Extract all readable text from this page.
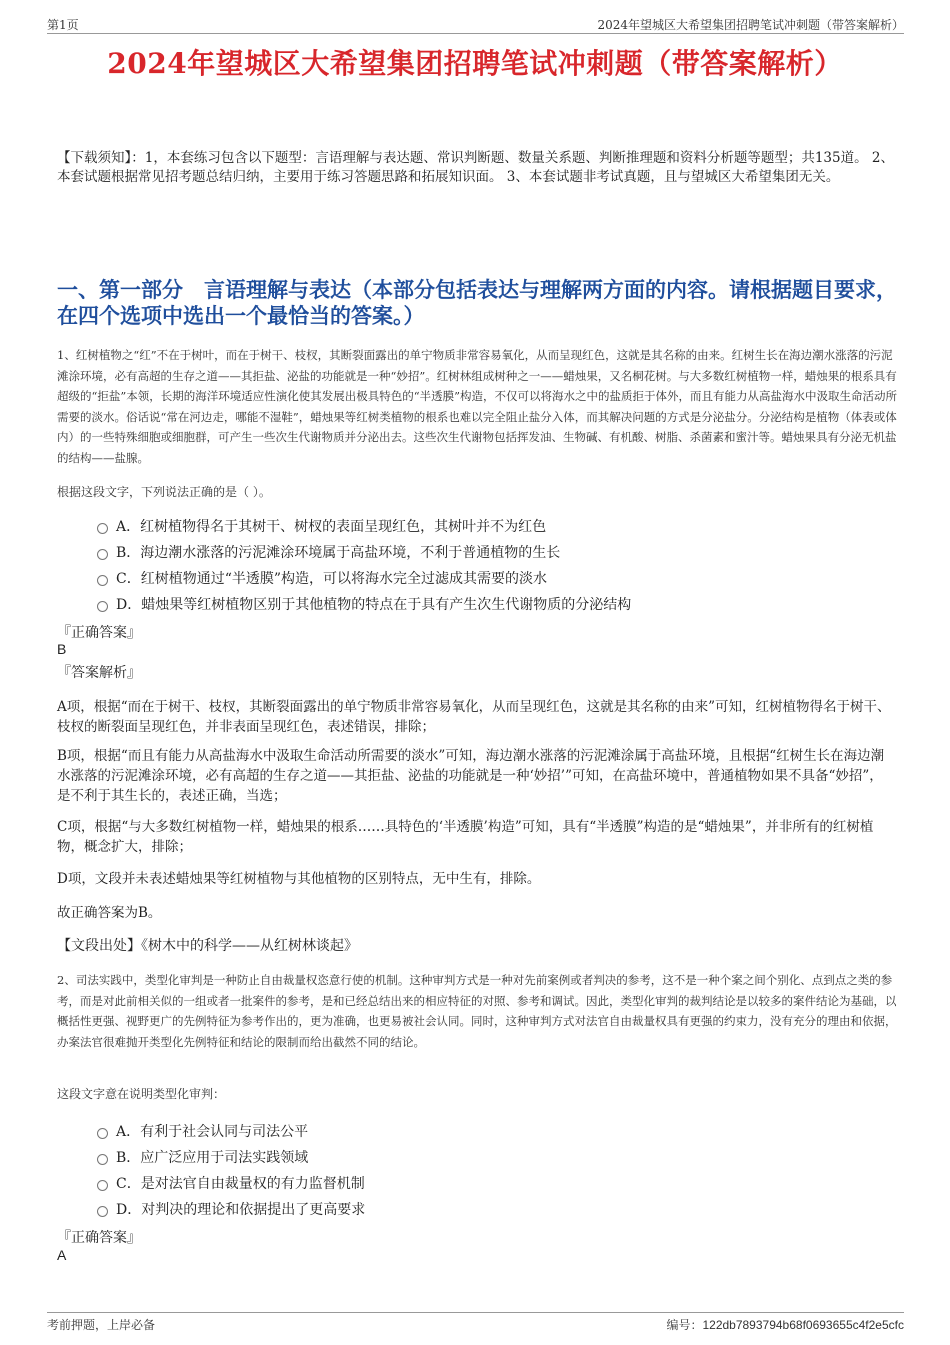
第1页	2024年望城区大希望集团招聘笔试冲刺题（带答案解析）
2024年望城区大希望集团招聘笔试冲刺题（带答案解析）

【下载须知】：1，本套练习包含以下题型：言语理解与表达题、常识判断题、数量关系题、判断推理题和资料分析题等题型；共135道。 2、本套试题根据常见招考题总结归纳，主要用于练习答题思路和拓展知识面。 3、本套试题非考试真题，且与望城区大希望集团无关。

一、第一部分　言语理解与表达（本部分包括表达与理解两方面的内容。请根据题目要求，在四个选项中选出一个最恰当的答案。）

1、红树植物之“红”不在于树叶，而在于树干、枝杈，其断裂面露出的单宁物质非常容易氧化，从而呈现红色，这就是其名称的由来。红树生长在海边潮水涨落的污泥滩涂环境，必有高超的生存之道——其拒盐、泌盐的功能就是一种“妙招”。红树林组成树种之一——蜡烛果，又名桐花树。与大多数红树植物一样，蜡烛果的根系具有超级的“拒盐”本领，长期的海洋环境适应性演化使其发展出极具特色的“半透膜”构造，不仅可以将海水之中的盐质拒于体外，而且有能力从高盐海水中汲取生命活动所需要的淡水。俗话说“常在河边走，哪能不湿鞋”，蜡烛果等红树类植物的根系也难以完全阻止盐分入体，而其解决问题的方式是分泌盐分。分泌结构是植物（体表或体内）的一些特殊细胞或细胞群，可产生一些次生代谢物质并分泌出去。这些次生代谢物包括挥发油、生物碱、有机酸、树脂、杀菌素和蜜汁等。蜡烛果具有分泌无机盐的结构——盐腺。

根据这段文字，下列说法正确的是（ ）。

A．红树植物得名于其树干、树杈的表面呈现红色，其树叶并不为红色
B．海边潮水涨落的污泥滩涂环境属于高盐环境，不利于普通植物的生长
C．红树植物通过“半透膜”构造，可以将海水完全过滤成其需要的淡水
D．蜡烛果等红树植物区别于其他植物的特点在于具有产生次生代谢物质的分泌结构

『正确答案』

B

『答案解析』

A项，根据“而在于树干、枝杈，其断裂面露出的单宁物质非常容易氧化，从而呈现红色，这就是其名称的由来”可知，红树植物得名于树干、枝杈的断裂面呈现红色，并非表面呈现红色，表述错误，排除；

B项，根据“而且有能力从高盐海水中汲取生命活动所需要的淡水”可知，海边潮水涨落的污泥滩涂属于高盐环境，且根据“红树生长在海边潮水涨落的污泥滩涂环境，必有高超的生存之道——其拒盐、泌盐的功能就是一种‘妙招’”可知，在高盐环境中，普通植物如果不具备“妙招”，是不利于其生长的，表述正确，当选；

C项，根据“与大多数红树植物一样，蜡烛果的根系……具特色的‘半透膜’构造”可知，具有“半透膜”构造的是“蜡烛果”，并非所有的红树植物，概念扩大，排除；

D项，文段并未表述蜡烛果等红树植物与其他植物的区别特点，无中生有，排除。

故正确答案为B。

【文段出处】《树木中的科学——从红树林谈起》

2、司法实践中，类型化审判是一种防止自由裁量权恣意行使的机制。这种审判方式是一种对先前案例或者判决的参考，这不是一种个案之间个别化、点到点之类的参考，而是对此前相关似的一组或者一批案件的参考，是和已经总结出来的相应特征的对照、参考和调试。因此，类型化审判的裁判结论是以较多的案件结论为基础，以概括性更强、视野更广的先例特征为参考作出的，更为准确，也更易被社会认同。同时，这种审判方式对法官自由裁量权具有更强的约束力，没有充分的理由和依据，办案法官很难抛开类型化先例特征和结论的限制而给出截然不同的结论。

这段文字意在说明类型化审判：

A．有利于社会认同与司法公平
B．应广泛应用于司法实践领域
C．是对法官自由裁量权的有力监督机制
D．对判决的理论和依据提出了更高要求

『正确答案』

A

考前押题，上岸必备	编号：122db7893794b68f0693655c4f2e5cfc
